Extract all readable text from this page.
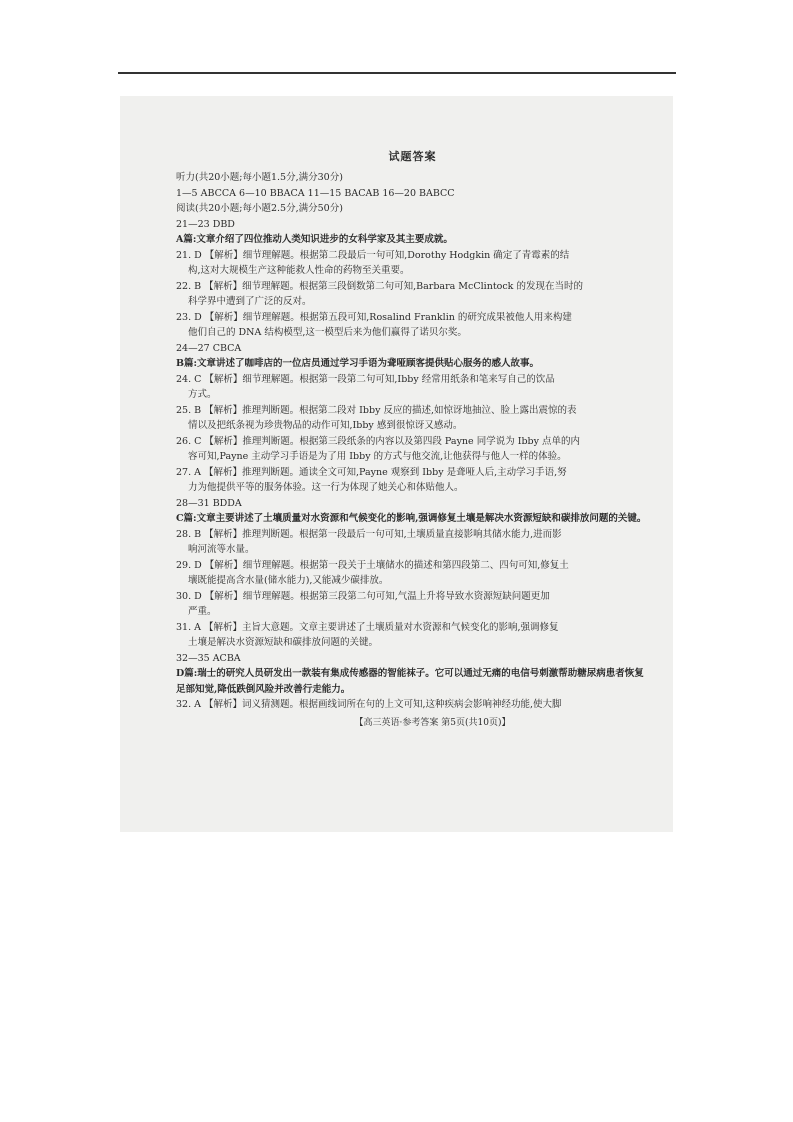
试题答案
听力(共20小题;每小题1.5分,满分30分)
1—5 ABCCA 6—10 BBACA 11—15 BACAB 16—20 BABCC
阅读(共20小题;每小题2.5分,满分50分)
21—23 DBD
A篇:文章介绍了四位推动人类知识进步的女科学家及其主要成就。
21. D 【解析】细节理解题。根据第二段最后一句可知,Dorothy Hodgkin 确定了青霉素的结
构,这对大规模生产这种能救人性命的药物至关重要。
22. B 【解析】细节理解题。根据第三段倒数第二句可知,Barbara McClintock 的发现在当时的
科学界中遭到了广泛的反对。
23. D 【解析】细节理解题。根据第五段可知,Rosalind Franklin 的研究成果被他人用来构建
他们自己的 DNA 结构模型,这一模型后来为他们赢得了诺贝尔奖。
24—27 CBCA
B篇:文章讲述了咖啡店的一位店员通过学习手语为聋哑顾客提供贴心服务的感人故事。
24. C 【解析】细节理解题。根据第一段第二句可知,Ibby 经常用纸条和笔来写自己的饮品
方式。
25. B 【解析】推理判断题。根据第二段对 Ibby 反应的描述,如惊讶地抽泣、脸上露出震惊的表
情以及把纸条视为珍贵物品的动作可知,Ibby 感到很惊讶又感动。
26. C 【解析】推理判断题。根据第三段纸条的内容以及第四段 Payne 同学说为 Ibby 点单的内
容可知,Payne 主动学习手语是为了用 Ibby 的方式与他交流,让他获得与他人一样的体验。
27. A 【解析】推理判断题。通读全文可知,Payne 观察到 Ibby 是聋哑人后,主动学习手语,努
力为他提供平等的服务体验。这一行为体现了她关心和体贴他人。
28—31 BDDA
C篇:文章主要讲述了土壤质量对水资源和气候变化的影响,强调修复土壤是解决水资源短缺和碳排放问题的关键。
28. B 【解析】推理判断题。根据第一段最后一句可知,土壤质量直接影响其储水能力,进而影
响河流等水量。
29. D 【解析】细节理解题。根据第一段关于土壤储水的描述和第四段第二、四句可知,修复土
壤既能提高含水量(储水能力),又能减少碳排放。
30. D 【解析】细节理解题。根据第三段第二句可知,气温上升将导致水资源短缺问题更加
严重。
31. A 【解析】主旨大意题。文章主要讲述了土壤质量对水资源和气候变化的影响,强调修复
土壤是解决水资源短缺和碳排放问题的关键。
32—35 ACBA
D篇:瑞士的研究人员研发出一款装有集成传感器的智能袜子。它可以通过无痛的电信号刺激帮助糖尿病患者恢复足部知觉,降低跌倒风险并改善行走能力。
32. A 【解析】词义猜测题。根据画线词所在句的上文可知,这种疾病会影响神经功能,使大脚
【高三英语·参考答案 第5页(共10页)】
